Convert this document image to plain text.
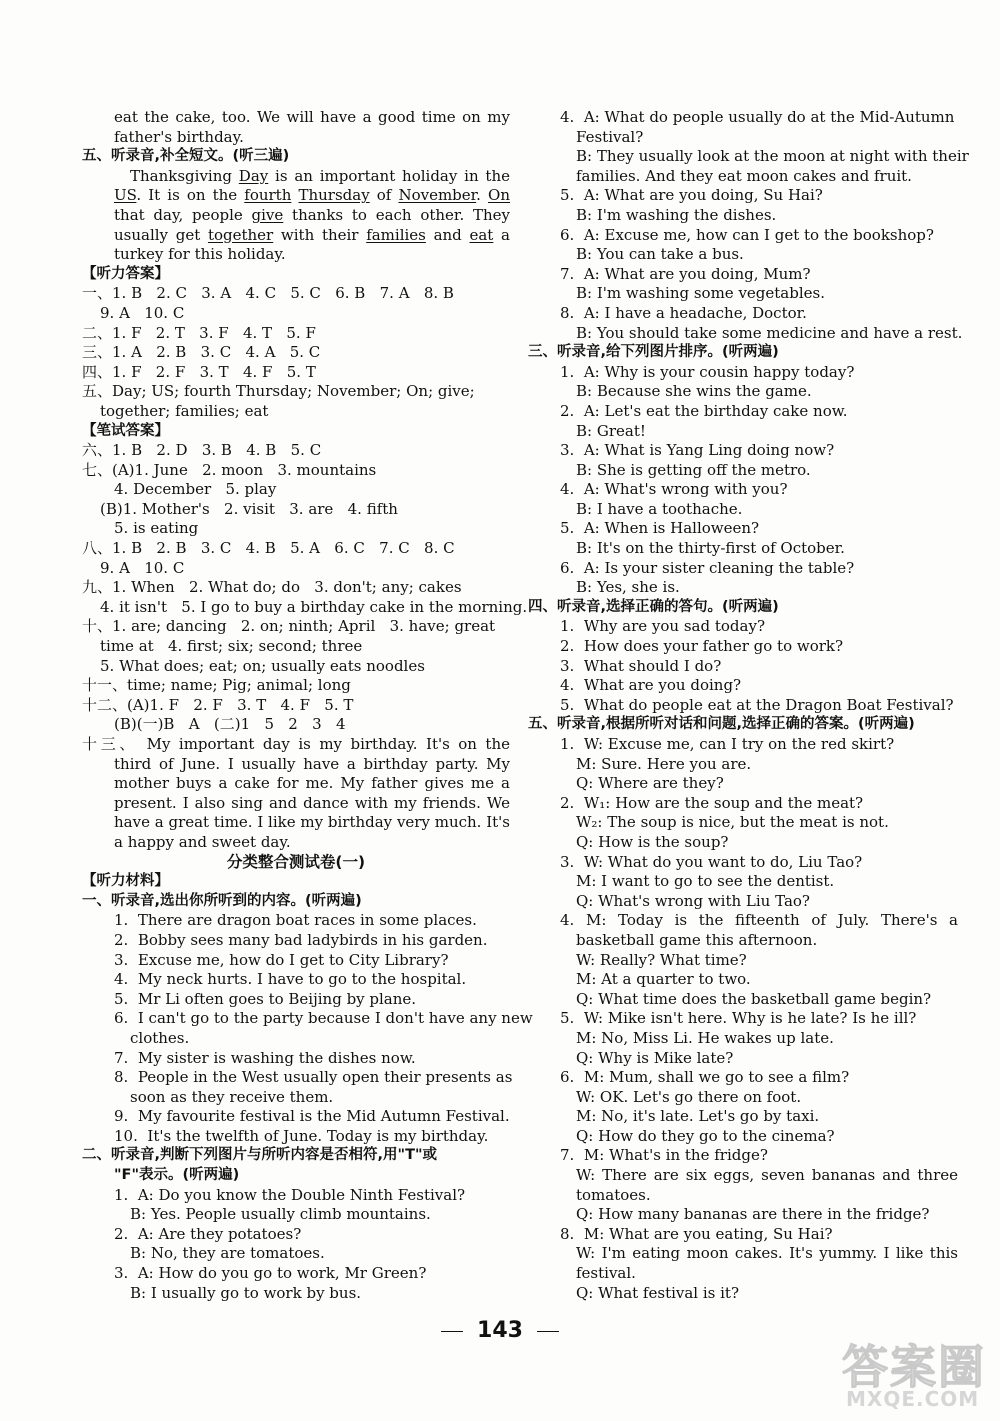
eat the cake, too. We will have a good time on my
father's birthday.
五、听录音,补全短文。(听三遍)
Thanksgiving Day is an important holiday in the
US. It is on the fourth Thursday of November. On
that day, people give thanks to each other. They
usually get together with their families and eat a
turkey for this holiday.
【听力答案】
一、1. B   2. C   3. A   4. C   5. C   6. B   7. A   8. B
9. A   10. C
二、1. F   2. T   3. F   4. T   5. F
三、1. A   2. B   3. C   4. A   5. C
四、1. F   2. F   3. T   4. F   5. T
五、Day; US; fourth Thursday; November; On; give;
together; families; eat
【笔试答案】
六、1. B   2. D   3. B   4. B   5. C
七、(A)1. June   2. moon   3. mountains
4. December   5. play
(B)1. Mother's   2. visit   3. are   4. fifth
5. is eating
八、1. B   2. B   3. C   4. B   5. A   6. C   7. C   8. C
9. A   10. C
九、1. When   2. What do; do   3. don't; any; cakes
4. it isn't   5. I go to buy a birthday cake in the morning.
十、1. are; dancing   2. on; ninth; April   3. have; great
time at   4. first; six; second; three
5. What does; eat; on; usually eats noodles
十一、time; name; Pig; animal; long
十二、(A)1. F   2. F   3. T   4. F   5. T
(B)(一)B   A   (二)1   5   2   3   4
十三、 My important day is my birthday. It's on the
third of June. I usually have a birthday party. My
mother buys a cake for me. My father gives me a
present. I also sing and dance with my friends. We
have a great time. I like my birthday very much. It's
a happy and sweet day.
分类整合测试卷(一)
【听力材料】
一、听录音,选出你所听到的内容。(听两遍)
1.  There are dragon boat races in some places.
2.  Bobby sees many bad ladybirds in his garden.
3.  Excuse me, how do I get to City Library?
4.  My neck hurts. I have to go to the hospital.
5.  Mr Li often goes to Beijing by plane.
6.  I can't go to the party because I don't have any new
clothes.
7.  My sister is washing the dishes now.
8.  People in the West usually open their presents as
soon as they receive them.
9.  My favourite festival is the Mid Autumn Festival.
10.  It's the twelfth of June. Today is my birthday.
二、听录音,判断下列图片与所听内容是否相符,用"T"或
"F"表示。(听两遍)
1.  A: Do you know the Double Ninth Festival?
B: Yes. People usually climb mountains.
2.  A: Are they potatoes?
B: No, they are tomatoes.
3.  A: How do you go to work, Mr Green?
B: I usually go to work by bus.
4.  A: What do people usually do at the Mid-Autumn
Festival?
B: They usually look at the moon at night with their
families. And they eat moon cakes and fruit.
5.  A: What are you doing, Su Hai?
B: I'm washing the dishes.
6.  A: Excuse me, how can I get to the bookshop?
B: You can take a bus.
7.  A: What are you doing, Mum?
B: I'm washing some vegetables.
8.  A: I have a headache, Doctor.
B: You should take some medicine and have a rest.
三、听录音,给下列图片排序。(听两遍)
1.  A: Why is your cousin happy today?
B: Because she wins the game.
2.  A: Let's eat the birthday cake now.
B: Great!
3.  A: What is Yang Ling doing now?
B: She is getting off the metro.
4.  A: What's wrong with you?
B: I have a toothache.
5.  A: When is Halloween?
B: It's on the thirty-first of October.
6.  A: Is your sister cleaning the table?
B: Yes, she is.
四、听录音,选择正确的答句。(听两遍)
1.  Why are you sad today?
2.  How does your father go to work?
3.  What should I do?
4.  What are you doing?
5.  What do people eat at the Dragon Boat Festival?
五、听录音,根据所听对话和问题,选择正确的答案。(听两遍)
1.  W: Excuse me, can I try on the red skirt?
M: Sure. Here you are.
Q: Where are they?
2.  W₁: How are the soup and the meat?
W₂: The soup is nice, but the meat is not.
Q: How is the soup?
3.  W: What do you want to do, Liu Tao?
M: I want to go to see the dentist.
Q: What's wrong with Liu Tao?
4. M: Today is the fifteenth of July. There's a
basketball game this afternoon.
W: Really? What time?
M: At a quarter to two.
Q: What time does the basketball game begin?
5.  W: Mike isn't here. Why is he late? Is he ill?
M: No, Miss Li. He wakes up late.
Q: Why is Mike late?
6.  M: Mum, shall we go to see a film?
W: OK. Let's go there on foot.
M: No, it's late. Let's go by taxi.
Q: How do they go to the cinema?
7.  M: What's in the fridge?
W: There are six eggs, seven bananas and three
tomatoes.
Q: How many bananas are there in the fridge?
8.  M: What are you eating, Su Hai?
W: I'm eating moon cakes. It's yummy. I like this
festival.
Q: What festival is it?
143
答案圈
MXQE.COM
